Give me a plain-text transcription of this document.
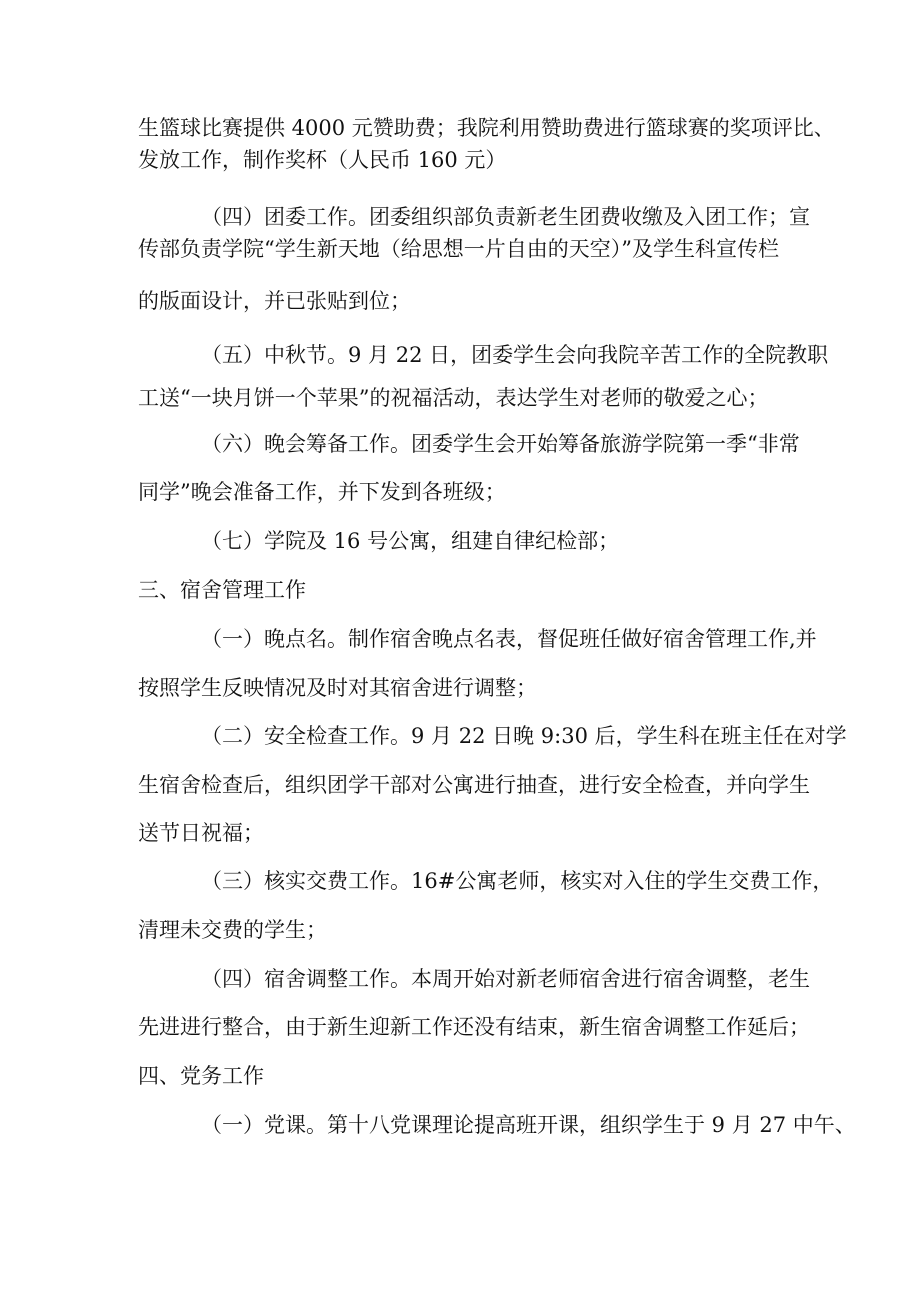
生篮球比赛提供 4000 元赞助费；我院利用赞助费进行篮球赛的奖项评比、
发放工作，制作奖杯（人民币 160 元）
（四）团委工作。团委组织部负责新老生团费收缴及入团工作；宣
传部负责学院“学生新天地（给思想一片自由的天空）”及学生科宣传栏
的版面设计，并已张贴到位；
（五）中秋节。9 月 22 日，团委学生会向我院辛苦工作的全院教职
工送“一块月饼一个苹果”的祝福活动，表达学生对老师的敬爱之心；
（六）晚会筹备工作。团委学生会开始筹备旅游学院第一季“非常
同学”晚会准备工作，并下发到各班级；
（七）学院及 16 号公寓，组建自律纪检部；
三、宿舍管理工作
（一）晚点名。制作宿舍晚点名表，督促班任做好宿舍管理工作,并
按照学生反映情况及时对其宿舍进行调整；
（二）安全检查工作。9 月 22 日晚 9:30 后，学生科在班主任在对学
生宿舍检查后，组织团学干部对公寓进行抽查，进行安全检查，并向学生
送节日祝福；
（三）核实交费工作。16#公寓老师，核实对入住的学生交费工作，
清理未交费的学生；
（四）宿舍调整工作。本周开始对新老师宿舍进行宿舍调整，老生
先进进行整合，由于新生迎新工作还没有结束，新生宿舍调整工作延后；
四、党务工作
（一）党课。第十八党课理论提高班开课，组织学生于 9 月 27 中午、
